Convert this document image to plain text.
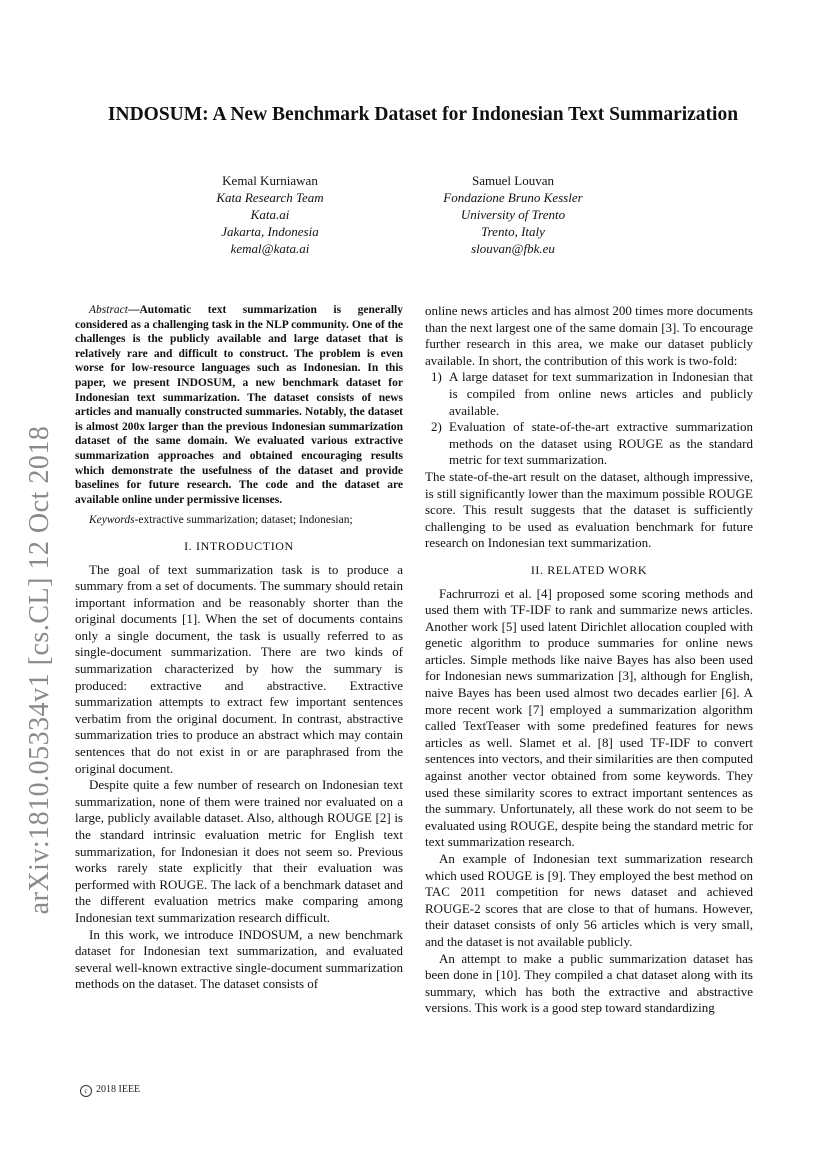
arXiv:1810.05334v1 [cs.CL] 12 Oct 2018
INDOSUM: A New Benchmark Dataset for Indonesian Text Summarization
Kemal Kurniawan
Kata Research Team
Kata.ai
Jakarta, Indonesia
kemal@kata.ai
Samuel Louvan
Fondazione Bruno Kessler
University of Trento
Trento, Italy
slouvan@fbk.eu

Abstract—Automatic text summarization is generally considered as a challenging task in the NLP community. One of the challenges is the publicly available and large dataset that is relatively rare and difficult to construct. The problem is even worse for low-resource languages such as Indonesian. In this paper, we present INDOSUM, a new benchmark dataset for Indonesian text summarization. The dataset consists of news articles and manually constructed summaries. Notably, the dataset is almost 200x larger than the previous Indonesian summarization dataset of the same domain. We evaluated various extractive summarization approaches and obtained encouraging results which demonstrate the usefulness of the dataset and provide baselines for future research. The code and the dataset are available online under permissive licenses.

Keywords-extractive summarization; dataset; Indonesian;

I. INTRODUCTION

The goal of text summarization task is to produce a summary from a set of documents. The summary should retain important information and be reasonably shorter than the original documents [1]. When the set of documents contains only a single document, the task is usually referred to as single-document summarization. There are two kinds of summarization characterized by how the summary is produced: extractive and abstractive. Extractive summarization attempts to extract few important sentences verbatim from the original document. In contrast, abstractive summarization tries to produce an abstract which may contain sentences that do not exist in or are paraphrased from the original document.

Despite quite a few number of research on Indonesian text summarization, none of them were trained nor evaluated on a large, publicly available dataset. Also, although ROUGE [2] is the standard intrinsic evaluation metric for English text summarization, for Indonesian it does not seem so. Previous works rarely state explicitly that their evaluation was performed with ROUGE. The lack of a benchmark dataset and the different evaluation metrics make comparing among Indonesian text summarization research difficult.

In this work, we introduce INDOSUM, a new benchmark dataset for Indonesian text summarization, and evaluated several well-known extractive single-document summarization methods on the dataset. The dataset consists of

online news articles and has almost 200 times more documents than the next largest one of the same domain [3]. To encourage further research in this area, we make our dataset publicly available. In short, the contribution of this work is two-fold:

1) A large dataset for text summarization in Indonesian that is compiled from online news articles and publicly available.
2) Evaluation of state-of-the-art extractive summarization methods on the dataset using ROUGE as the standard metric for text summarization.

The state-of-the-art result on the dataset, although impressive, is still significantly lower than the maximum possible ROUGE score. This result suggests that the dataset is sufficiently challenging to be used as evaluation benchmark for future research on Indonesian text summarization.

II. RELATED WORK

Fachrurrozi et al. [4] proposed some scoring methods and used them with TF-IDF to rank and summarize news articles. Another work [5] used latent Dirichlet allocation coupled with genetic algorithm to produce summaries for online news articles. Simple methods like naive Bayes has also been used for Indonesian news summarization [3], although for English, naive Bayes has been used almost two decades earlier [6]. A more recent work [7] employed a summarization algorithm called TextTeaser with some predefined features for news articles as well. Slamet et al. [8] used TF-IDF to convert sentences into vectors, and their similarities are then computed against another vector obtained from some keywords. They used these similarity scores to extract important sentences as the summary. Unfortunately, all these work do not seem to be evaluated using ROUGE, despite being the standard metric for text summarization research.

An example of Indonesian text summarization research which used ROUGE is [9]. They employed the best method on TAC 2011 competition for news dataset and achieved ROUGE-2 scores that are close to that of humans. However, their dataset consists of only 56 articles which is very small, and the dataset is not available publicly.

An attempt to make a public summarization dataset has been done in [10]. They compiled a chat dataset along with its summary, which has both the extractive and abstractive versions. This work is a good step toward standardizing

c 2018 IEEE
